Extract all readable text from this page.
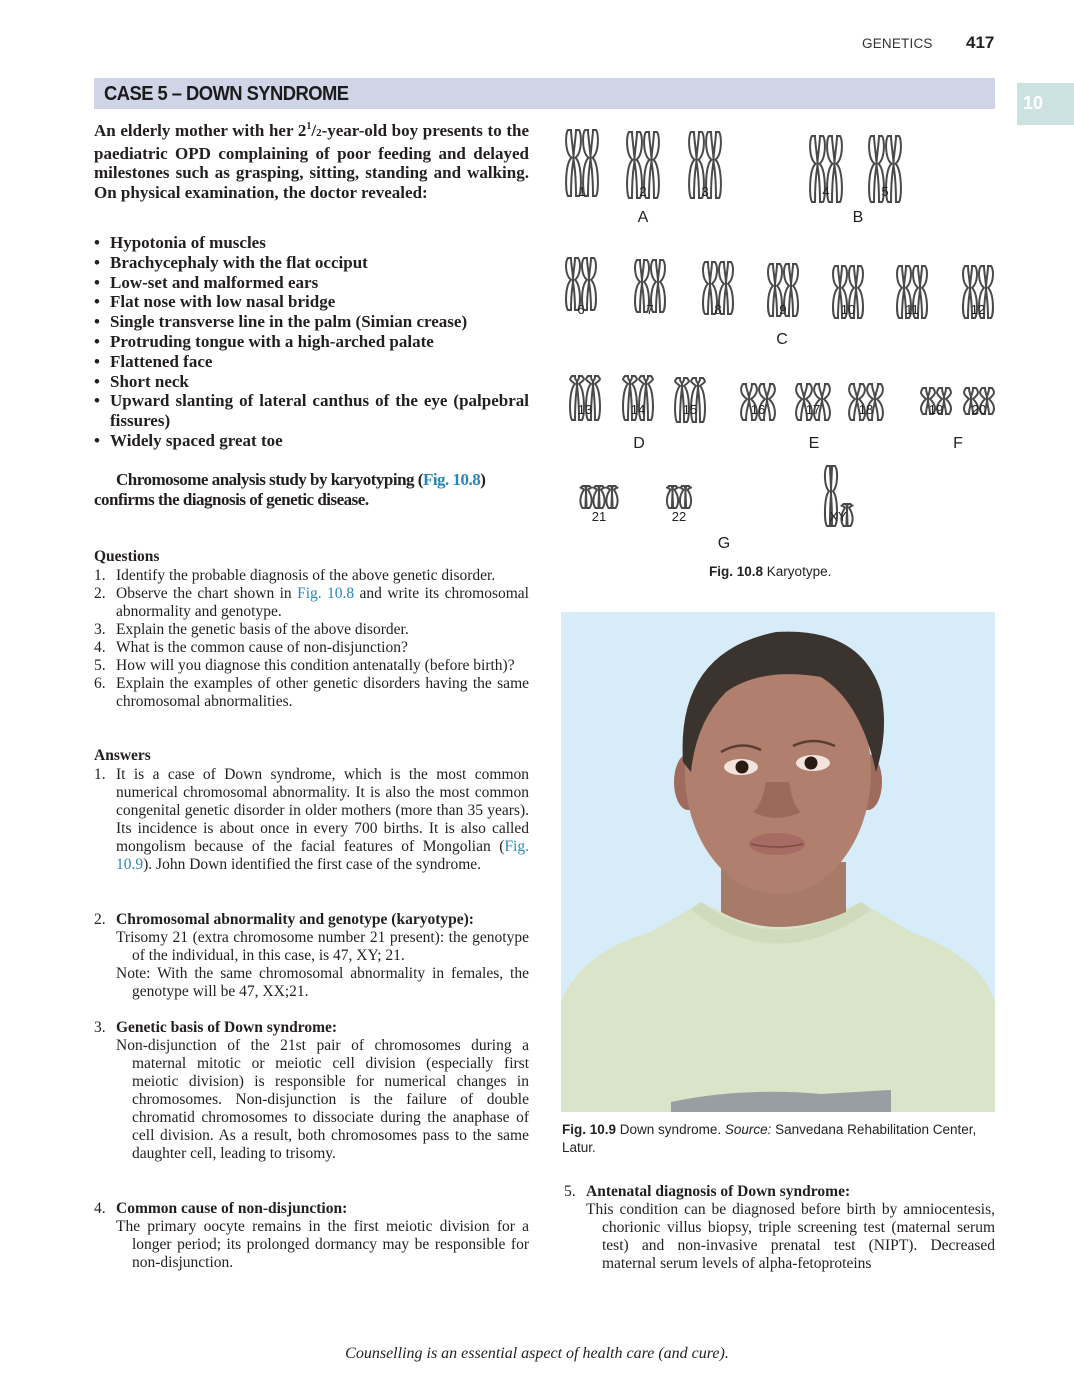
GENETICS 417
CASE 5 – DOWN SYNDROME	10

An elderly mother with her $2^1/2-year$-old boy presents to the paediatric OPD complaining of poor feeding and delayed milestones such as grasping, sitting, standing and walking. On physical examination, the doctor revealed:

• Hypotonia of muscles
• Brachycephaly with the flat occiput
• Low-set and malformed ears
• Flat nose with low nasal bridge
• Single transverse line in the palm (Simian crease)
• Protruding tongue with a high-arched palate
• Flattened face
• Short neck
• Upward slanting of lateral canthus of the eye (palpebral fissures)
• Widely spaced great toe

Chromosome analysis study by karyotyping (Fig. 10.8) confirms the diagnosis of genetic disease.

Questions
1. Identify the probable diagnosis of the above genetic disorder.
2. Observe the chart shown in Fig. 10.8 and write its chromosomal abnormality and genotype.
3. Explain the genetic basis of the above disorder.
4. What is the common cause of non-disjunction?
5. How will you diagnose this condition antenatally (before birth)?
6. Explain the examples of other genetic disorders having the same chromosomal abnormalities.
Answers
1. It is a case of Down syndrome, which is the most common numerical chromosomal abnormality. It is also the most common congenital genetic disorder in older mothers (more than 35 years). Its incidence is about once in every 700 births. It is also called mongolism because of the facial features of Mongolian (Fig. 10.9). John Down identified the first case of the syndrome.
2. Chromosomal abnormality and genotype (karyotype):
Trisomy 21 (extra chromosome number 21 present): the genotype of the individual, in this case, is 47, XY; 21.
Note: With the same chromosomal abnormality in females, the genotype will be 47, XX;21.
3. Genetic basis of Down syndrome:
Non-disjunction of the 21st pair of chromosomes during a maternal mitotic or meiotic cell division (especially first meiotic division) is responsible for numerical changes in chromosomes. Non-disjunction is the failure of double chromatid chromosomes to dissociate during the anaphase of cell division. As a result, both chromosomes pass to the same daughter cell, leading to trisomy.
4. Common cause of non-disjunction:
The primary oocyte remains in the first meiotic division for a longer period; its prolonged dormancy may be responsible for non-disjunction.
5. Antenatal diagnosis of Down syndrome:
This condition can be diagnosed before birth by amniocentesis, chorionic villus biopsy, triple screening test (maternal serum test) and non-invasive prenatal test (NIPT). Decreased maternal serum levels of alpha-fetoproteins
1	2	3	4	5
6	7	8	9	10	11	12
13	14	15	16	17	18	19 20
21	22	XY
A	B
C
D	E	F
G
Fig. 10.8 Karyotype.
Fig. 10.9 Down syndrome. Source: Sanvedana Rehabilitation Center, Latur.
Counselling is an essential aspect of health care (and cure).
